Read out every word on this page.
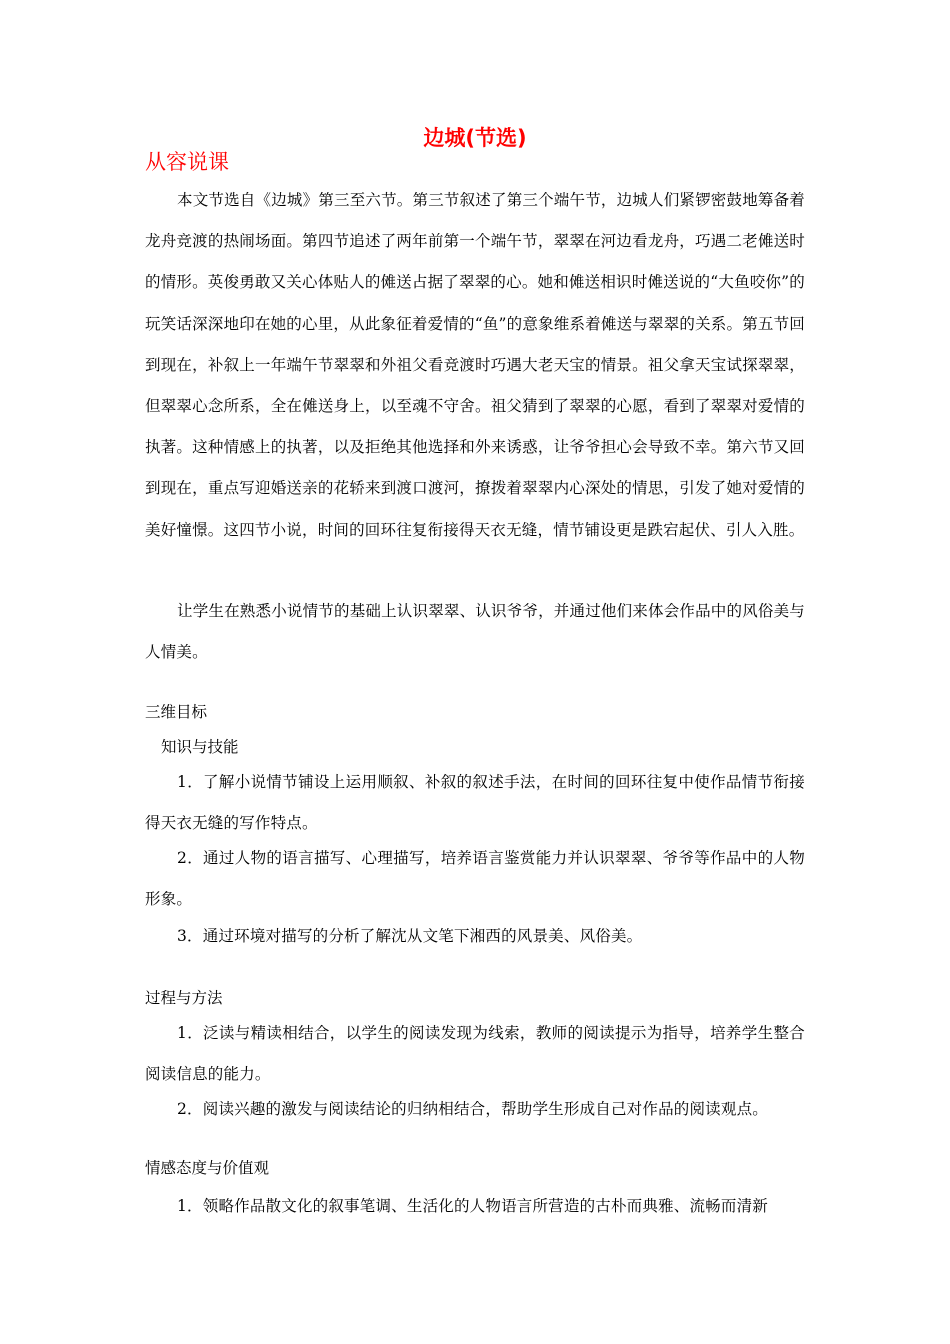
边城(节选)
从容说课
本文节选自《边城》第三至六节。第三节叙述了第三个端午节，边城人们紧锣密鼓地筹备着龙舟竞渡的热闹场面。第四节追述了两年前第一个端午节，翠翠在河边看龙舟，巧遇二老傩送时的情形。英俊勇敢又关心体贴人的傩送占据了翠翠的心。她和傩送相识时傩送说的“大鱼咬你”的玩笑话深深地印在她的心里，从此象征着爱情的“鱼”的意象维系着傩送与翠翠的关系。第五节回到现在，补叙上一年端午节翠翠和外祖父看竞渡时巧遇大老天宝的情景。祖父拿天宝试探翠翠，但翠翠心念所系，全在傩送身上，以至魂不守舍。祖父猜到了翠翠的心愿，看到了翠翠对爱情的执著。这种情感上的执著，以及拒绝其他选择和外来诱惑，让爷爷担心会导致不幸。第六节又回到现在，重点写迎婚送亲的花轿来到渡口渡河，撩拨着翠翠内心深处的情思，引发了她对爱情的美好憧憬。这四节小说，时间的回环往复衔接得天衣无缝，情节铺设更是跌宕起伏、引人入胜。
让学生在熟悉小说情节的基础上认识翠翠、认识爷爷，并通过他们来体会作品中的风俗美与人情美。
三维目标
知识与技能
1．了解小说情节铺设上运用顺叙、补叙的叙述手法，在时间的回环往复中使作品情节衔接得天衣无缝的写作特点。
2．通过人物的语言描写、心理描写，培养语言鉴赏能力并认识翠翠、爷爷等作品中的人物形象。
3．通过环境对描写的分析了解沈从文笔下湘西的风景美、风俗美。
过程与方法
1．泛读与精读相结合，以学生的阅读发现为线索，教师的阅读提示为指导，培养学生整合阅读信息的能力。
2．阅读兴趣的激发与阅读结论的归纳相结合，帮助学生形成自己对作品的阅读观点。
情感态度与价值观
1．领略作品散文化的叙事笔调、生活化的人物语言所营造的古朴而典雅、流畅而清新
